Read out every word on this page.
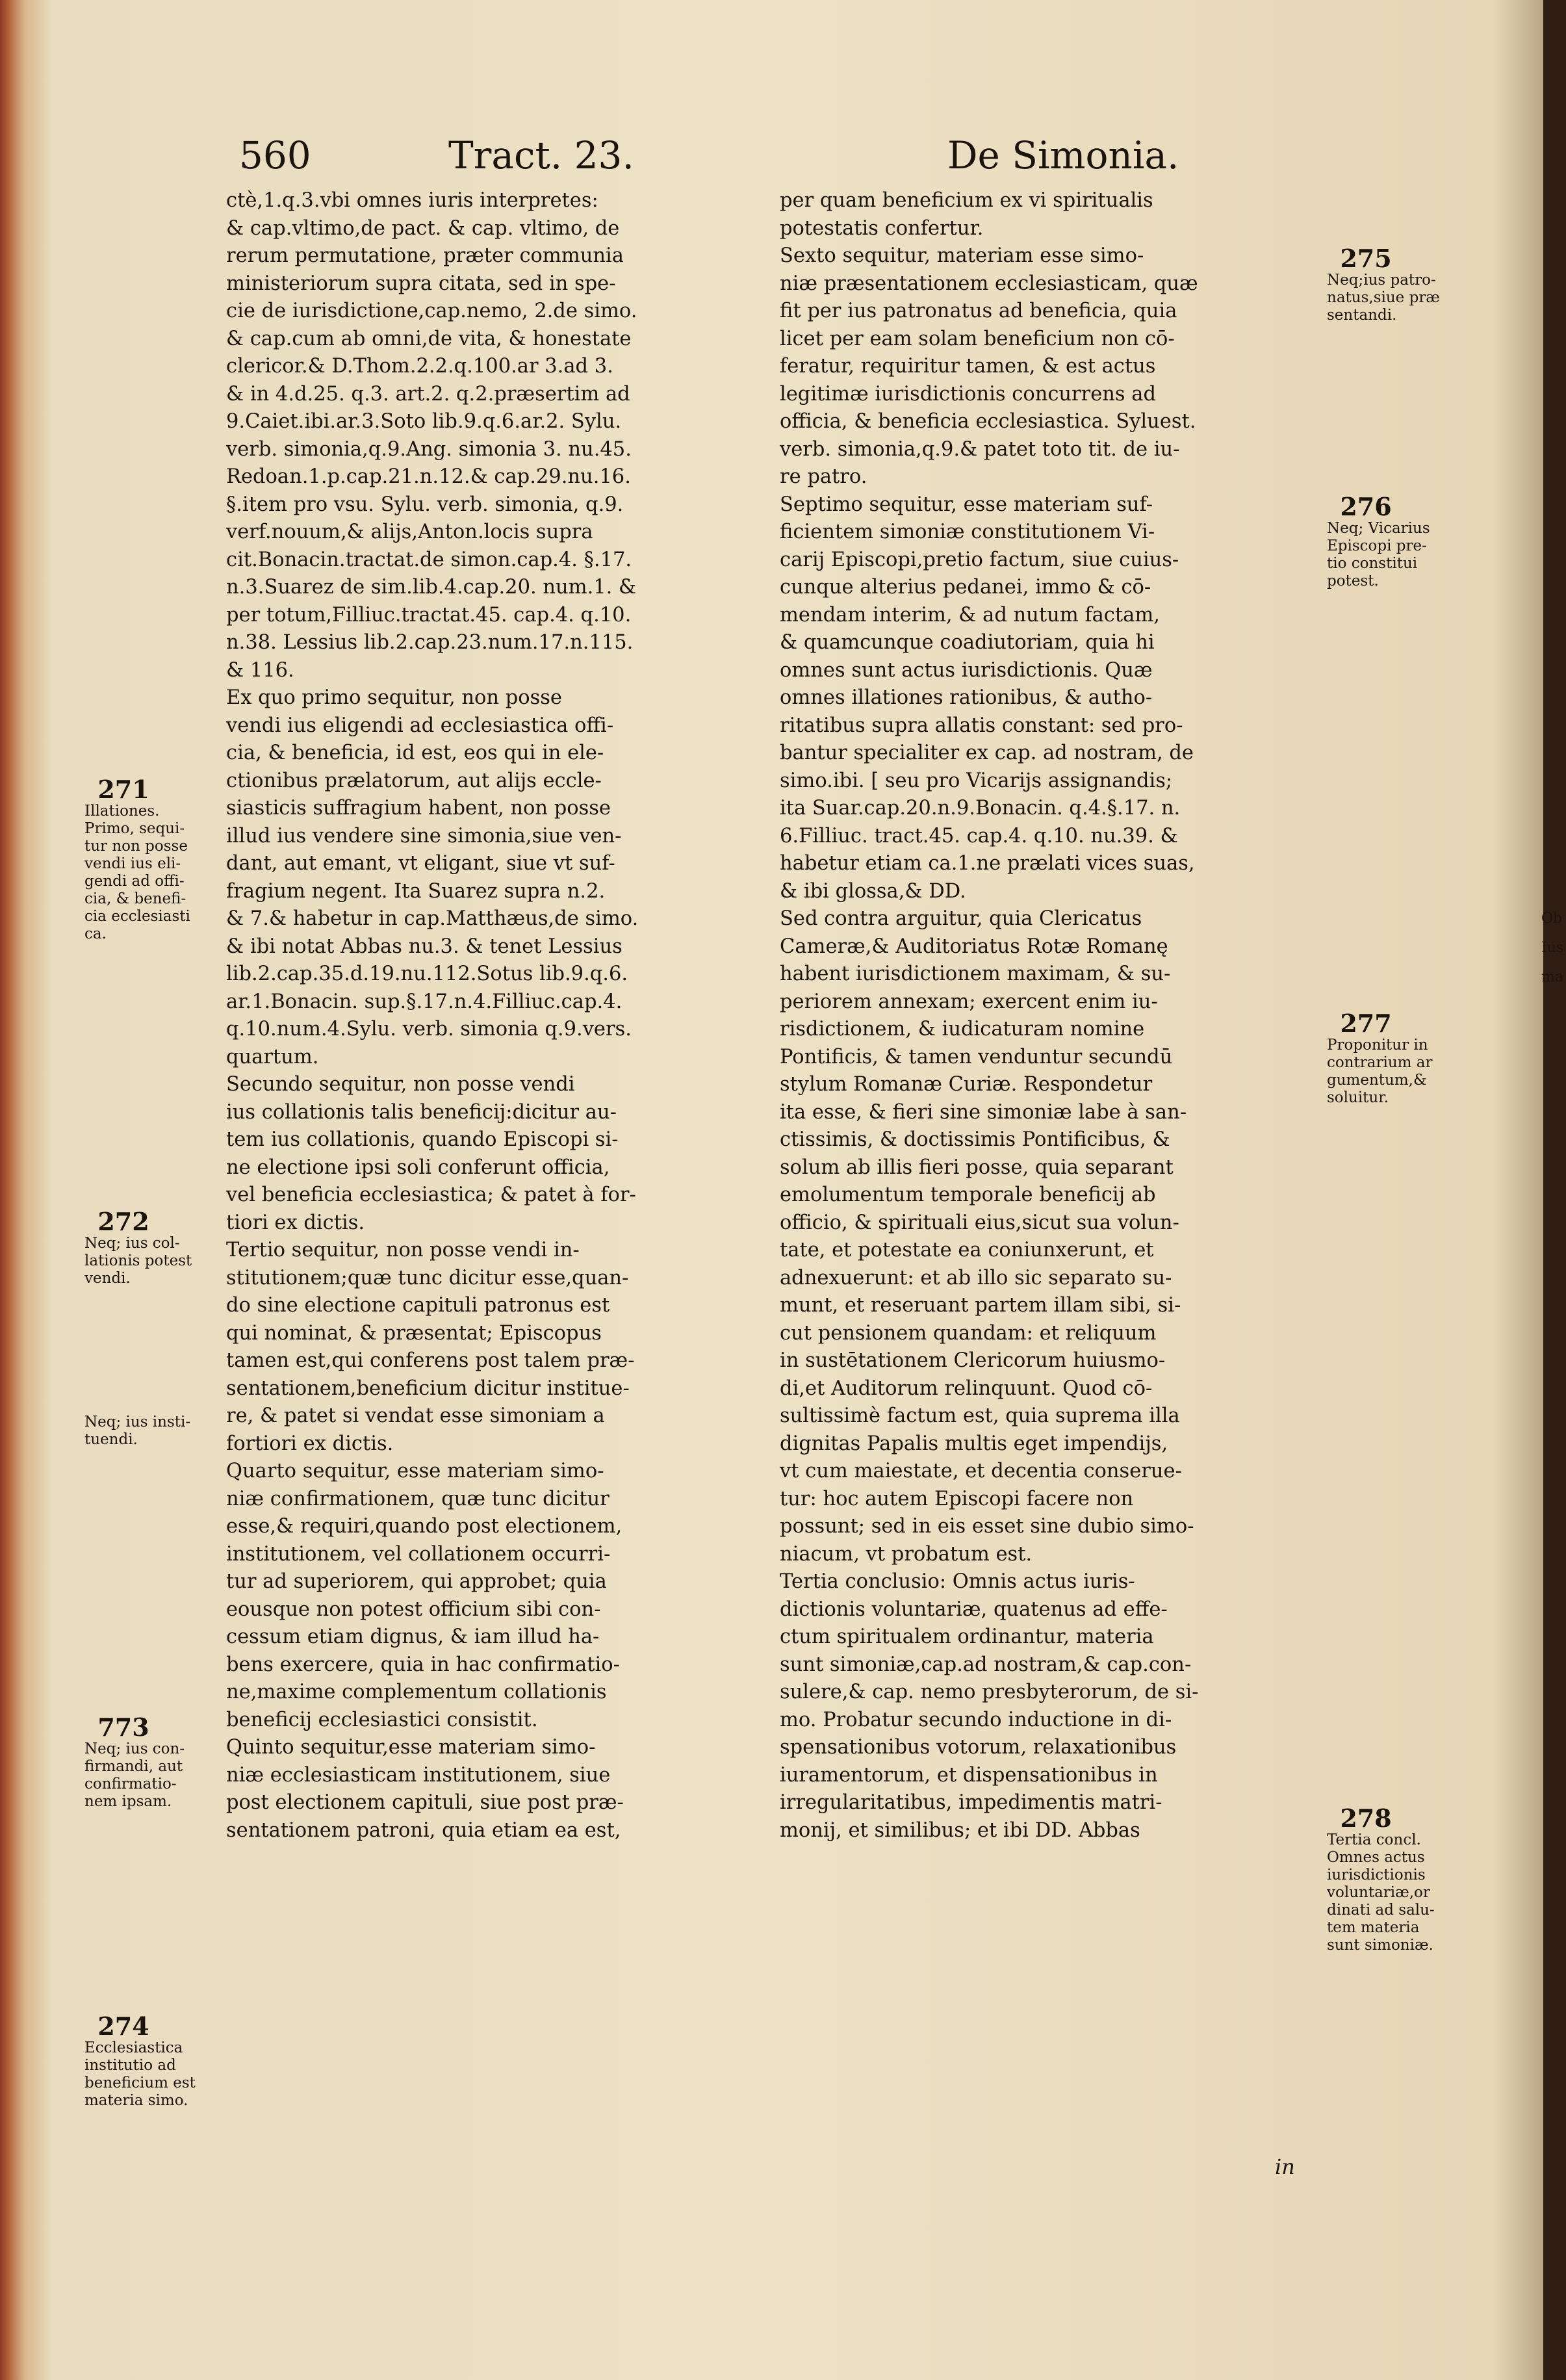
560	Tract. 23.	De Simonia.

ctè,1.q.3.vbi omnes iuris interpretes:

& cap.vltimo,de pact. & cap. vltimo, de

rerum permutatione, præter communia

ministeriorum supra citata, sed in spe-

cie de iurisdictione,cap.nemo, 2.de simo.

& cap.cum ab omni,de vita, & honestate

clericor.& D.Thom.2.2.q.100.ar 3.ad 3.

& in 4.d.25. q.3. art.2. q.2.præsertim ad

9.Caiet.ibi.ar.3.Soto lib.9.q.6.ar.2. Sylu.

verb. simonia,q.9.Ang. simonia 3. nu.45.

Redoan.1.p.cap.21.n.12.& cap.29.nu.16.

§.item pro vsu. Sylu. verb. simonia, q.9.

verf.nouum,& alijs,Anton.locis supra

cit.Bonacin.tractat.de simon.cap.4. §.17.

n.3.Suarez de sim.lib.4.cap.20. num.1. &

per totum,Filliuc.tractat.45. cap.4. q.10.

n.38. Lessius lib.2.cap.23.num.17.n.115.

& 116.

Ex quo primo sequitur, non posse

vendi ius eligendi ad ecclesiastica offi-

cia, & beneficia, id est, eos qui in ele-

ctionibus prælatorum, aut alijs eccle-

siasticis suffragium habent, non posse

illud ius vendere sine simonia,siue ven-

dant, aut emant, vt eligant, siue vt suf-

fragium negent. Ita Suarez supra n.2.

& 7.& habetur in cap.Matthæus,de simo.

& ibi notat Abbas nu.3. & tenet Lessius

lib.2.cap.35.d.19.nu.112.Sotus lib.9.q.6.

ar.1.Bonacin. sup.§.17.n.4.Filliuc.cap.4.

q.10.num.4.Sylu. verb. simonia q.9.vers.

quartum.

Secundo sequitur, non posse vendi

ius collationis talis beneficij:dicitur au-

tem ius collationis, quando Episcopi si-

ne electione ipsi soli conferunt officia,

vel beneficia ecclesiastica; & patet à for-

tiori ex dictis.

Tertio sequitur, non posse vendi in-

stitutionem;quæ tunc dicitur esse,quan-

do sine electione capituli patronus est

qui nominat, & præsentat; Episcopus

tamen est,qui conferens post talem præ-

sentationem,beneficium dicitur institue-

re, & patet si vendat esse simoniam a

fortiori ex dictis.

Quarto sequitur, esse materiam simo-

niæ confirmationem, quæ tunc dicitur

esse,& requiri,quando post electionem,

institutionem, vel collationem occurri-

tur ad superiorem, qui approbet; quia

eousque non potest officium sibi con-

cessum etiam dignus, & iam illud ha-

bens exercere, quia in hac confirmatio-

ne,maxime complementum collationis

beneficij ecclesiastici consistit.

Quinto sequitur,esse materiam simo-

niæ ecclesiasticam institutionem, siue

post electionem capituli, siue post præ-

sentationem patroni, quia etiam ea est,

per quam beneficium ex vi spiritualis

potestatis confertur.

Sexto sequitur, materiam esse simo-

niæ præsentationem ecclesiasticam, quæ

fit per ius patronatus ad beneficia, quia

licet per eam solam beneficium non cō-

feratur, requiritur tamen, & est actus

legitimæ iurisdictionis concurrens ad

officia, & beneficia ecclesiastica. Syluest.

verb. simonia,q.9.& patet toto tit. de iu-

re patro.

Septimo sequitur, esse materiam suf-

ficientem simoniæ constitutionem Vi-

carij Episcopi,pretio factum, siue cuius-

cunque alterius pedanei, immo & cō-

mendam interim, & ad nutum factam,

& quamcunque coadiutoriam, quia hi

omnes sunt actus iurisdictionis. Quæ

omnes illationes rationibus, & autho-

ritatibus supra allatis constant: sed pro-

bantur specialiter ex cap. ad nostram, de

simo.ibi. [ seu pro Vicarijs assignandis;

ita Suar.cap.20.n.9.Bonacin. q.4.§.17. n.

6.Filliuc. tract.45. cap.4. q.10. nu.39. &

habetur etiam ca.1.ne prælati vices suas,

& ibi glossa,& DD.

Sed contra arguitur, quia Clericatus

Cameræ,& Auditoriatus Rotæ Romanę

habent iurisdictionem maximam, & su-

periorem annexam; exercent enim iu-

risdictionem, & iudicaturam nomine

Pontificis, & tamen venduntur secundū

stylum Romanæ Curiæ. Respondetur

ita esse, & fieri sine simoniæ labe à san-

ctissimis, & doctissimis Pontificibus, &

solum ab illis fieri posse, quia separant

emolumentum temporale beneficij ab

officio, & spirituali eius,sicut sua volun-

tate, et potestate ea coniunxerunt, et

adnexuerunt: et ab illo sic separato su-

munt, et reseruant partem illam sibi, si-

cut pensionem quandam: et reliquum

in sustētationem Clericorum huiusmo-

di,et Auditorum relinquunt. Quod cō-

sultissimè factum est, quia suprema illa

dignitas Papalis multis eget impendijs,

vt cum maiestate, et decentia conserue-

tur: hoc autem Episcopi facere non

possunt; sed in eis esset sine dubio simo-

niacum, vt probatum est.

Tertia conclusio: Omnis actus iuris-

dictionis voluntariæ, quatenus ad effe-

ctum spiritualem ordinantur, materia

sunt simoniæ,cap.ad nostram,& cap.con-

sulere,& cap. nemo presbyterorum, de si-

mo. Probatur secundo inductione in di-

spensationibus votorum, relaxationibus

iuramentorum, et dispensationibus in

irregularitatibus, impedimentis matri-

monij, et similibus; et ibi DD. Abbas

in
271

Illationes.

Primo, sequi-

tur non posse

vendi ius eli-

gendi ad offi-

cia, & benefi-

cia ecclesiasti

ca.

272

Neq; ius col-

lationis potest

vendi.

Neq; ius insti-

tuendi.

773

Neq; ius con-

firmandi, aut

confirmatio-

nem ipsam.

274

Ecclesiastica

institutio ad

beneficium est

materia simo.

275

Neq;ius patro-

natus,siue præ

sentandi.

276

Neq; Vicarius

Episcopi pre-

tio constitui

potest.

277

Proponitur in

contrarium ar

gumentum,&

soluitur.

278

Tertia concl.

Omnes actus

iurisdictionis

voluntariæ,or

dinati ad salu-

tem materia

sunt simoniæ.

Ob
Ius
ma
